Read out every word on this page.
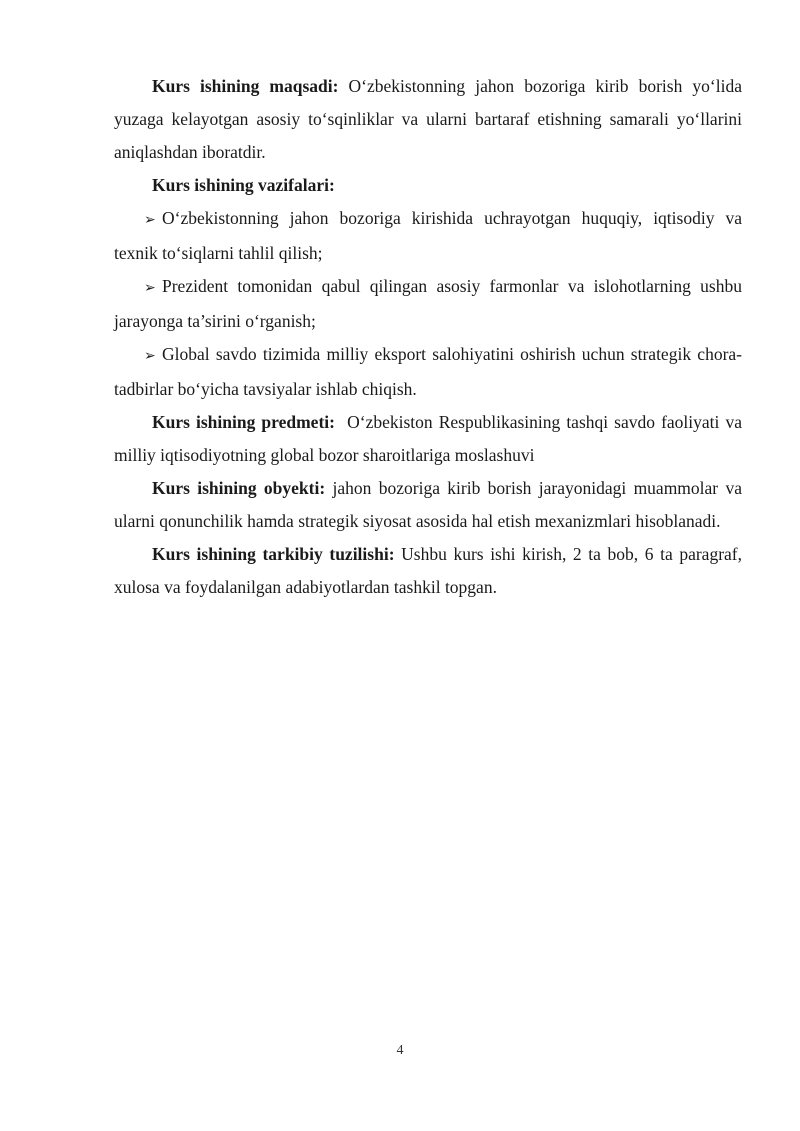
Kurs ishining maqsadi: O‘zbekistonning jahon bozoriga kirib borish yo‘lida yuzaga kelayotgan asosiy to‘sqinliklar va ularni bartaraf etishning samarali yo‘llarini aniqlashdan iboratdir.

Kurs ishining vazifalari:

➢ O‘zbekistonning jahon bozoriga kirishida uchrayotgan huquqiy, iqtisodiy va texnik to‘siqlarni tahlil qilish;

➢ Prezident tomonidan qabul qilingan asosiy farmonlar va islohotlarning ushbu jarayonga ta’sirini o‘rganish;

➢ Global savdo tizimida milliy eksport salohiyatini oshirish uchun strategik chora-tadbirlar bo‘yicha tavsiyalar ishlab chiqish.

Kurs ishining predmeti:  O‘zbekiston Respublikasining tashqi savdo faoliyati va milliy iqtisodiyotning global bozor sharoitlariga moslashuvi

Kurs ishining obyekti: jahon bozoriga kirib borish jarayonidagi muammolar va ularni qonunchilik hamda strategik siyosat asosida hal etish mexanizmlari hisoblanadi.

Kurs ishining tarkibiy tuzilishi: Ushbu kurs ishi kirish, 2 ta bob, 6 ta paragraf, xulosa va foydalanilgan adabiyotlardan tashkil topgan.

4
